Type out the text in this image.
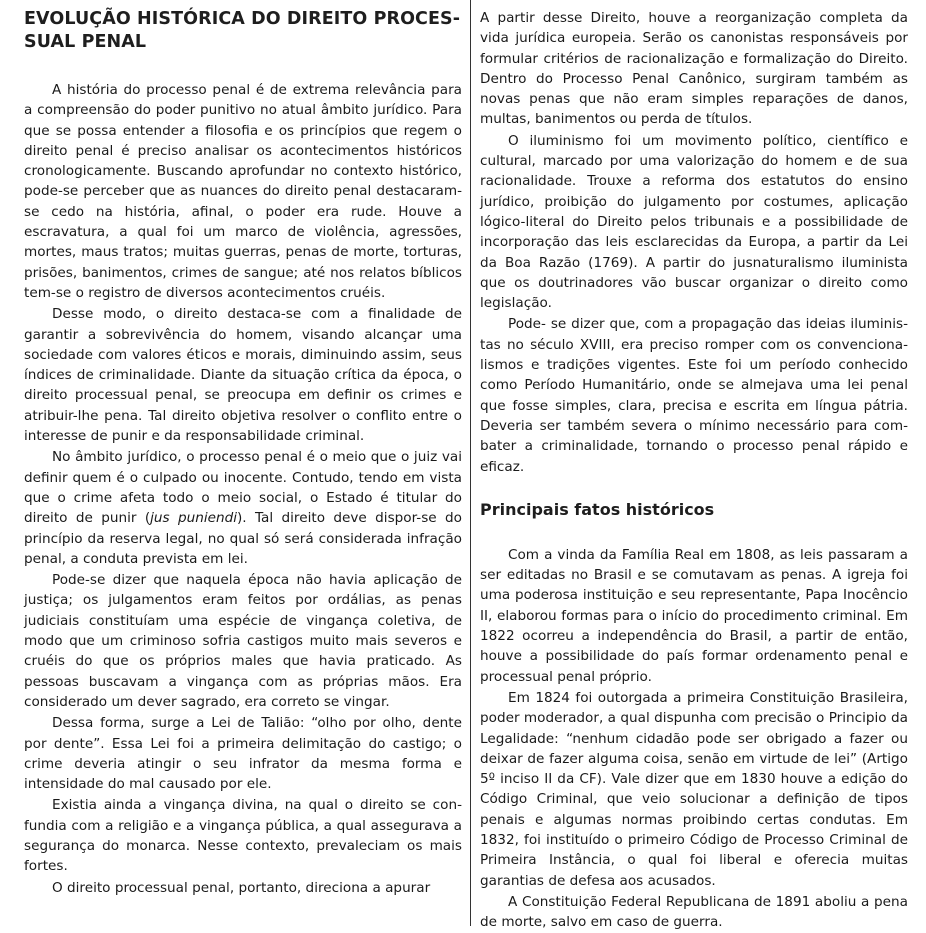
EVOLUÇÃO HISTÓRICA DO DIREITO PROCESSUAL PENAL

A história do processo penal é de extrema relevância para a compreensão do poder punitivo no atual âmbito jurídico. Para que se possa entender a filosofia e os princípios que regem o direito penal é preciso analisar os acontecimentos históricos cronologicamente. Buscando aprofundar no contexto histórico, pode-se perceber que as nuances do direito penal destacaram-se cedo na história, afinal, o poder era rude. Houve a escravatura, a qual foi um marco de violência, agressões, mortes, maus tratos; muitas guerras, penas de morte, torturas, prisões, banimentos, crimes de sangue; até nos relatos bíblicos tem-se o registro de diversos acontecimentos cruéis.

Desse modo, o direito destaca-se com a finalidade de garantir a sobrevivência do homem, visando alcançar uma sociedade com valores éticos e morais, diminuindo assim, seus índices de criminalidade. Diante da situação crítica da época, o direito processual penal, se preocupa em definir os crimes e atribuir-lhe pena. Tal direito objetiva resolver o conflito entre o interesse de punir e da responsabilidade criminal.

No âmbito jurídico, o processo penal é o meio que o juiz vai definir quem é o culpado ou inocente. Contudo, tendo em vista que o crime afeta todo o meio social, o Estado é titular do direito de punir (jus puniendi). Tal direito deve dispor-se do princípio da reserva legal, no qual só será considerada infração penal, a conduta prevista em lei.

Pode-se dizer que naquela época não havia aplicação de justiça; os julgamentos eram feitos por ordálias, as penas judiciais constituíam uma espécie de vingança coletiva, de modo que um criminoso sofria castigos muito mais severos e cruéis do que os próprios males que havia praticado. As pessoas buscavam a vingança com as próprias mãos. Era considerado um dever sagrado, era correto se vingar.

Dessa forma, surge a Lei de Talião: “olho por olho, dente por dente”. Essa Lei foi a primeira delimitação do castigo; o crime deveria atingir o seu infrator da mesma forma e intensidade do mal causado por ele.

Existia ainda a vingança divina, na qual o direito se confundia com a religião e a vingança pública, a qual assegurava a segurança do monarca. Nesse contexto, prevaleciam os mais fortes.

O direito processual penal, portanto, direciona a apurar

A partir desse Direito, houve a reorganização completa da vida jurídica europeia. Serão os canonistas responsáveis por formular critérios de racionalização e formalização do Direito. Dentro do Processo Penal Canônico, surgiram também as novas penas que não eram simples reparações de danos, multas, banimentos ou perda de títulos.

O iluminismo foi um movimento político, científico e cultural, marcado por uma valorização do homem e de sua racionalidade. Trouxe a reforma dos estatutos do ensino jurídico, proibição do julgamento por costumes, aplicação lógico-literal do Direito pelos tribunais e a possibilidade de incorporação das leis esclarecidas da Europa, a partir da Lei da Boa Razão (1769). A partir do jusnaturalismo iluminista que os doutrinadores vão buscar organizar o direito como legislação.

Pode- se dizer que, com a propagação das ideias iluministas no século XVIII, era preciso romper com os convencionalismos e tradições vigentes. Este foi um período conhecido como Período Humanitário, onde se almejava uma lei penal que fosse simples, clara, precisa e escrita em língua pátria. Deveria ser também severa o mínimo necessário para combater a criminalidade, tornando o processo penal rápido e eficaz.

Principais fatos históricos

Com a vinda da Família Real em 1808, as leis passaram a ser editadas no Brasil e se comutavam as penas. A igreja foi uma poderosa instituição e seu representante, Papa Inocêncio II, elaborou formas para o início do procedimento criminal. Em 1822 ocorreu a independência do Brasil, a partir de então, houve a possibilidade do país formar ordenamento penal e processual penal próprio.

Em 1824 foi outorgada a primeira Constituição Brasileira, poder moderador, a qual dispunha com precisão o Principio da Legalidade: “nenhum cidadão pode ser obrigado a fazer ou deixar de fazer alguma coisa, senão em virtude de lei” (Artigo 5º inciso II da CF). Vale dizer que em 1830 houve a edição do Código Criminal, que veio solucionar a definição de tipos penais e algumas normas proibindo certas condutas. Em 1832, foi instituído o primeiro Código de Processo Criminal de Primeira Instância, o qual foi liberal e oferecia muitas garantias de defesa aos acusados.

A Constituição Federal Republicana de 1891 aboliu a pena de morte, salvo em caso de guerra.
